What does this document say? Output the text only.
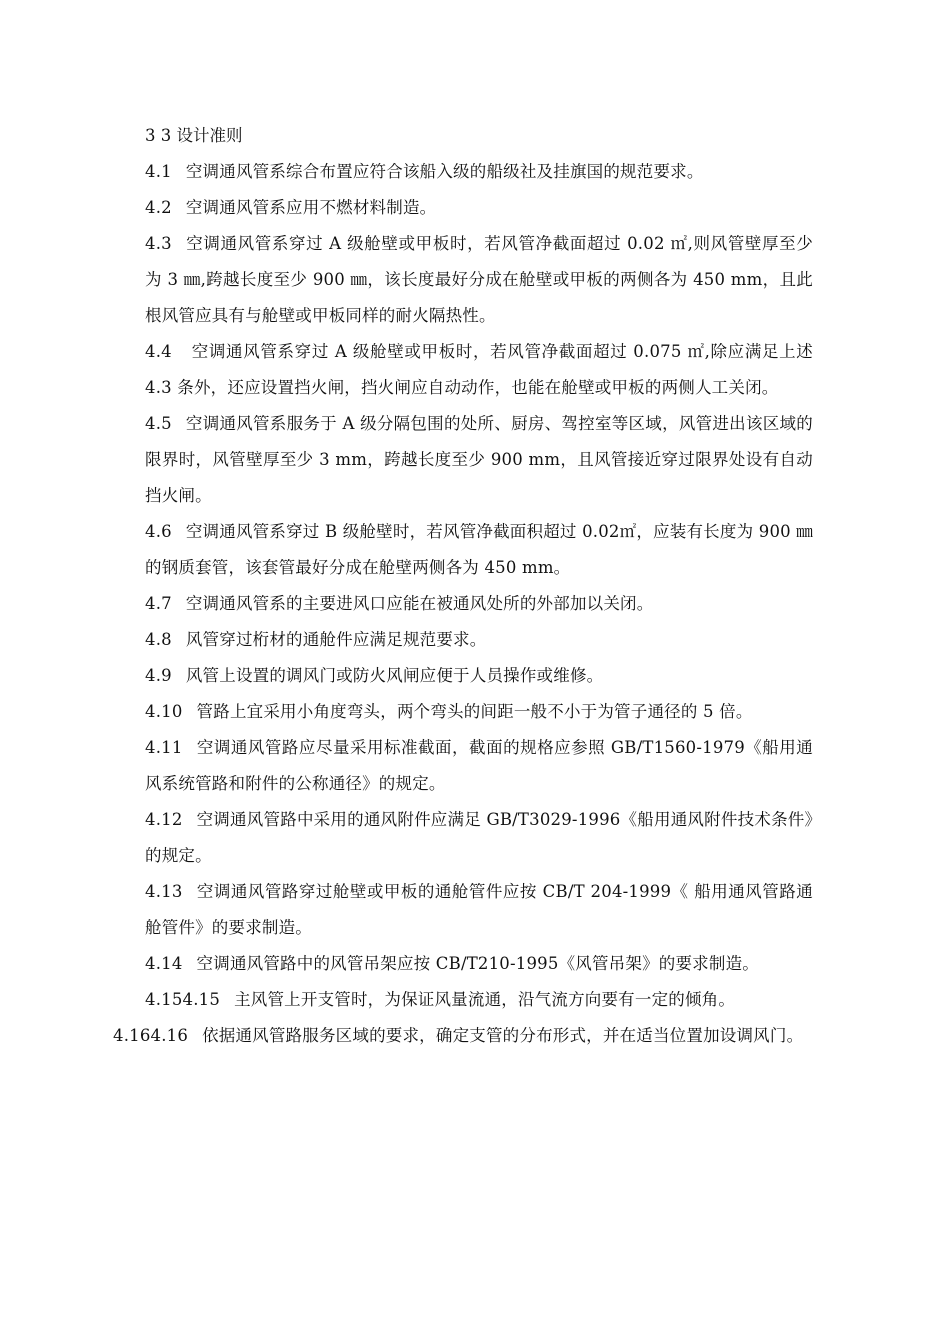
3 3 设计准则

4.1 空调通风管系综合布置应符合该船入级的船级社及挂旗国的规范要求。

4.2 空调通风管系应用不燃材料制造。

4.3 空调通风管系穿过 A 级舱壁或甲板时，若风管净截面超过 0.02 ㎡,则风管壁厚至少为 3 ㎜,跨越长度至少 900 ㎜，该长度最好分成在舱壁或甲板的两侧各为 450 mm，且此根风管应具有与舱壁或甲板同样的耐火隔热性。

4.4 空调通风管系穿过 A 级舱壁或甲板时，若风管净截面超过 0.075 ㎡,除应满足上述 4.3 条外，还应设置挡火闸，挡火闸应自动动作，也能在舱壁或甲板的两侧人工关闭。

4.5 空调通风管系服务于 A 级分隔包围的处所、厨房、驾控室等区域，风管进出该区域的限界时，风管壁厚至少 3 mm，跨越长度至少 900 mm，且风管接近穿过限界处设有自动挡火闸。

4.6 空调通风管系穿过 B 级舱壁时，若风管净截面积超过 0.02㎡，应装有长度为 900 ㎜的钢质套管，该套管最好分成在舱壁两侧各为 450 mm。

4.7 空调通风管系的主要进风口应能在被通风处所的外部加以关闭。

4.8 风管穿过桁材的通舱件应满足规范要求。

4.9 风管上设置的调风门或防火风闸应便于人员操作或维修。

4.10 管路上宜采用小角度弯头，两个弯头的间距一般不小于为管子通径的 5 倍。

4.11 空调通风管路应尽量采用标准截面，截面的规格应参照 GB/T1560-1979《船用通风系统管路和附件的公称通径》的规定。

4.12 空调通风管路中采用的通风附件应满足 GB/T3029-1996《船用通风附件技术条件》的规定。

4.13 空调通风管路穿过舱壁或甲板的通舱管件应按 CB/T 204-1999《 船用通风管路通舱管件》的要求制造。

4.14 空调通风管路中的风管吊架应按 CB/T210-1995《风管吊架》的要求制造。

4.154.15 主风管上开支管时，为保证风量流通，沿气流方向要有一定的倾角。

4.164.16 依据通风管路服务区域的要求，确定支管的分布形式，并在适当位置加设调风门。
